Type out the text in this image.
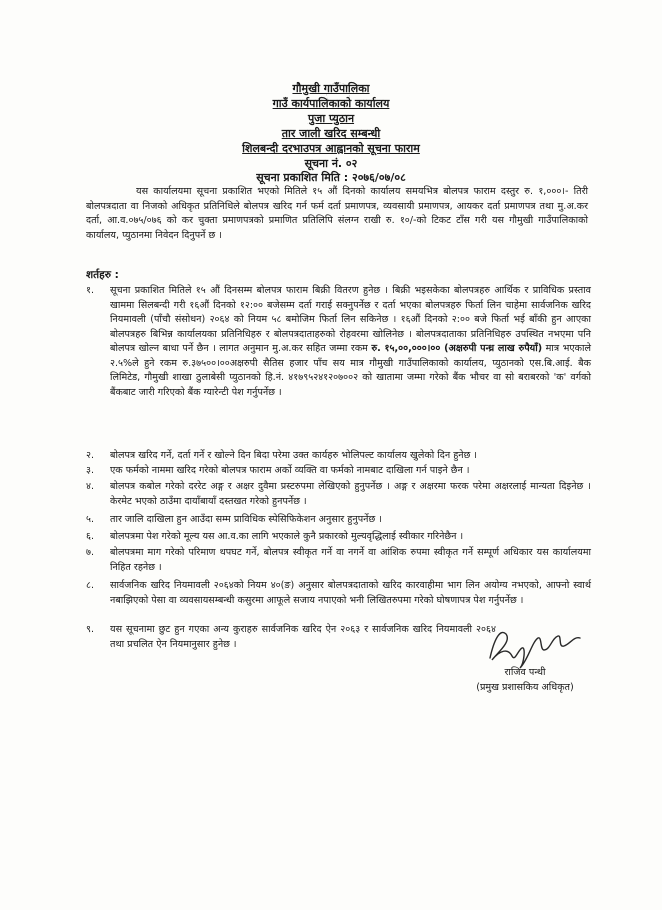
गौमुखी गाउँपालिका
गाउँ कार्यपालिकाको कार्यालय
पुजा प्युठान
तार जाली खरिद सम्बन्धी
शिलबन्दी दरभाउपत्र आह्वानको सूचना फाराम
सूचना नं. ०२
सूचना प्रकाशित मिति : २०७६/०७/०८
यस कार्यालयमा सूचना प्रकाशित भएको मितिले १५ औं दिनको कार्यालय समयभित्र बोलपत्र फाराम दस्तुर रु. १,०००।- तिरी बोलपत्रदाता वा निजको अधिकृत प्रतिनिधिले बोलपत्र खरिद गर्न फर्म दर्ता प्रमाणपत्र, व्यवसायी प्रमाणपत्र, आयकर दर्ता प्रमाणपत्र तथा मु.अ.कर दर्ता, आ.व.०७५/०७६ को कर चुक्ता प्रमाणपत्रको प्रमाणित प्रतिलिपि संलग्न राखी रु. १०/-को टिकट टाँस गरी यस गौमुखी गाउँपालिकाको कार्यालय, प्युठानमा निवेदन दिनुपर्ने छ ।
शर्तहरु :
१.	सूचना प्रकाशित मितिले १५ औं दिनसम्म बोलपत्र फाराम बिक्री वितरण हुनेछ । बिक्री भइसकेका बोलपत्रहरु आर्थिक र प्राविधिक प्रस्ताव खाममा सिलबन्दी गरी १६औं दिनको १२:०० बजेसम्म दर्ता गराई सक्नुपर्नेछ र दर्ता भएका बोलपत्रहरु फिर्ता लिन चाहेमा सार्वजनिक खरिद नियमावली (पाँचौ संसोधन) २०६४ को नियम ५८ बमोजिम फिर्ता लिन सकिनेछ । १६औं दिनको २:०० बजे फिर्ता भई बाँकी हुन आएका बोलपत्रहरु बिभिन्न कार्यालयका प्रतिनिधिहरु र बोलपत्रदाताहरुको रोहवरमा खोलिनेछ । बोलपत्रदाताका प्रतिनिधिहरु उपस्थित नभएमा पनि बोलपत्र खोल्न बाधा पर्ने छैन । लागत अनुमान मु.अ.कर सहित जम्मा रकम रु. १५,००,०००।०० (अक्षरुपी पन्ध्र लाख रुपैयाँ) मात्र भएकाले २.५%ले हुने रकम रु.३७५००।००अक्षरुपी सैतिस हजार पाँच सय मात्र गौमुखी गाउँपालिकाको कार्यालय, प्युठानको एस.बि.आई. बैक लिमिटेड, गौमुखी शाखा ठुलाबेसी प्युठानको हि.नं. ४१७९५२४१२०७००२ को खातामा जम्मा गरेको बैंक भौचर वा सो बराबरको 'क' वर्गको बैंकबाट जारी गरिएको बैंक ग्यारेन्टी पेश गर्नुपर्नेछ ।
२.	बोलपत्र खरिद गर्ने, दर्ता गर्ने र खोल्ने दिन बिदा परेमा उक्त कार्यहरु भोलिपल्ट कार्यालय खुलेको दिन हुनेछ ।
३.	एक फर्मको नाममा खरिद गरेको बोलपत्र फाराम अर्को व्यक्ति वा फर्मको नामबाट दाखिला गर्न पाइने छैन ।
४.	बोलपत्र कबोल गरेको दररेट अङ्ग र अक्षर दुवैमा प्रस्टरुपमा लेखिएको हुनुपर्नेछ । अङ्ग र अक्षरमा फरक परेमा अक्षरलाई मान्यता दिइनेछ । केरमेट भएको ठाउँमा दायाँबायाँ दस्तखत गरेको हुनपर्नेछ ।
५.	तार जालि दाखिला हुन आउँदा सम्म प्राविधिक स्पेसिफिकेशन अनुसार हुनुपर्नेछ ।
६.	बोलपत्रमा पेश गरेको मूल्य यस आ.व.का लागि भएकाले कुनै प्रकारको मुल्यवृद्धिलाई स्वीकार गरिनेछैन ।
७.	बोलपत्रमा माग गरेको परिमाण थपघट गर्ने, बोलपत्र स्वीकृत गर्ने वा नगर्ने वा आंशिक रुपमा स्वीकृत गर्ने सम्पूर्ण अधिकार यस कार्यालयमा निहित रहनेछ ।
८.	सार्वजनिक खरिद नियमावली २०६४को नियम ४०(ङ) अनुसार बोलपत्रदाताको खरिद कारवाहीमा भाग लिन अयोग्य नभएको, आफ्नो स्वार्थ नबाझिएको पेसा वा व्यवसायसम्बन्धी कसुरमा आफूले सजाय नपाएको भनी लिखितरुपमा गरेको घोषणापत्र पेश गर्नुपर्नेछ ।
९.	यस सूचनामा छुट हुन गएका अन्य कुराहरु सार्वजनिक खरिद ऐन २०६३ र सार्वजनिक खरिद नियमावली २०६४ तथा प्रचलित ऐन नियमानुसार हुनेछ ।
राजिव पन्थी
(प्रमुख प्रशासकिय अधिकृत)
